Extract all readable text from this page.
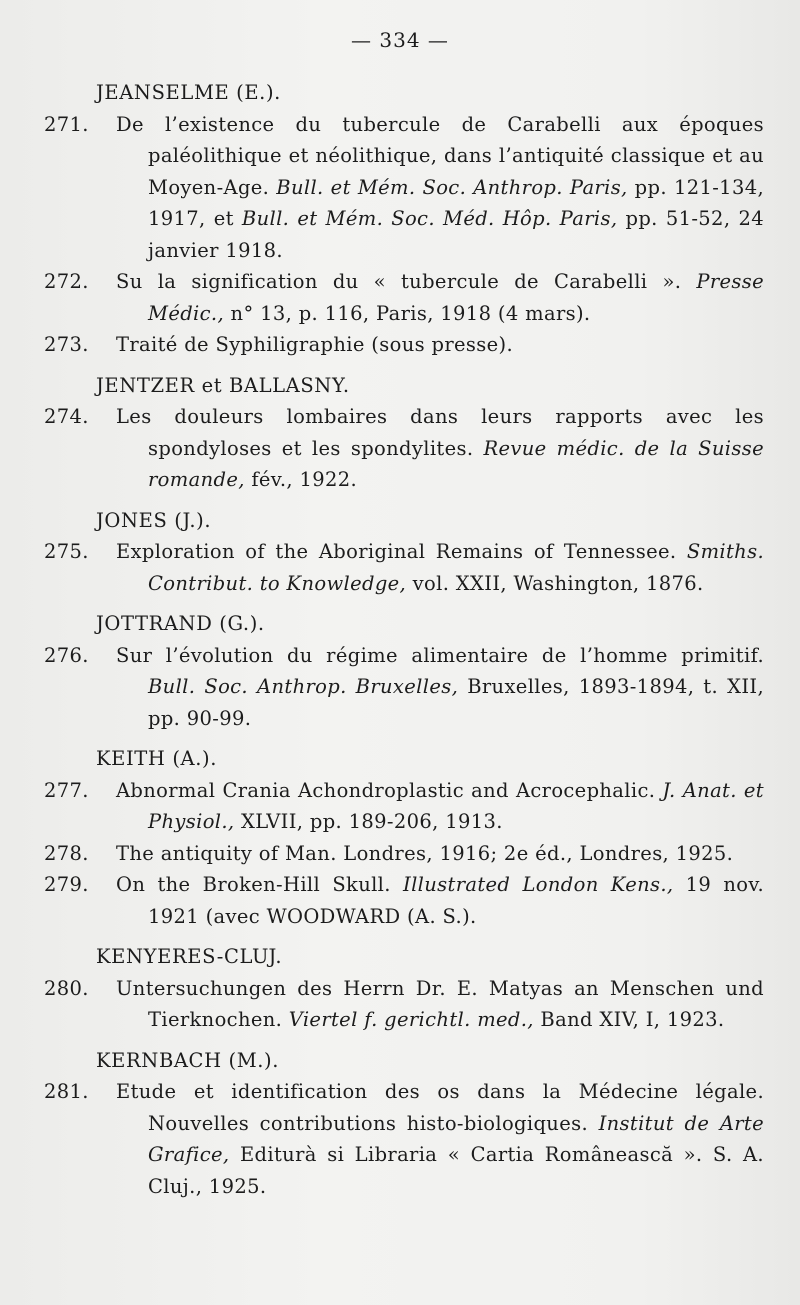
— 334 —
JEANSELME (E.).
271.	De l’existence du tubercule de Carabelli aux époques paléolithique et néolithique, dans l’antiquité classique et au Moyen-Age. Bull. et Mém. Soc. Anthrop. Paris, pp. 121-134, 1917, et Bull. et Mém. Soc. Méd. Hôp. Paris, pp. 51-52, 24 janvier 1918.
272.	Su la signification du « tubercule de Carabelli ». Presse Médic., n° 13, p. 116, Paris, 1918 (4 mars).
273.	Traité de Syphiligraphie (sous presse).
JENTZER et BALLASNY.
274.	Les douleurs lombaires dans leurs rapports avec les spondyloses et les spondylites. Revue médic. de la Suisse romande, fév., 1922.
JONES (J.).
275.	Exploration of the Aboriginal Remains of Tennessee. Smiths. Contribut. to Knowledge, vol. XXII, Washington, 1876.
JOTTRAND (G.).
276.	Sur l’évolution du régime alimentaire de l’homme primitif. Bull. Soc. Anthrop. Bruxelles, Bruxelles, 1893-1894, t. XII, pp. 90-99.
KEITH (A.).
277.	Abnormal Crania Achondroplastic and Acrocephalic. J. Anat. et Physiol., XLVII, pp. 189-206, 1913.
278.	The antiquity of Man. Londres, 1916; 2e éd., Londres, 1925.
279.	On the Broken-Hill Skull. Illustrated London Kens., 19 nov. 1921 (avec WOODWARD (A. S.).
KENYERES-CLUJ.
280.	Untersuchungen des Herrn Dr. E. Matyas an Menschen und Tierknochen. Viertel f. gerichtl. med., Band XIV, I, 1923.
KERNBACH (M.).
281.	Etude et identification des os dans la Médecine légale. Nouvelles contributions histo-biologiques. Institut de Arte Grafice, Editurà si Libraria « Cartia Românească ». S. A. Cluj., 1925.
